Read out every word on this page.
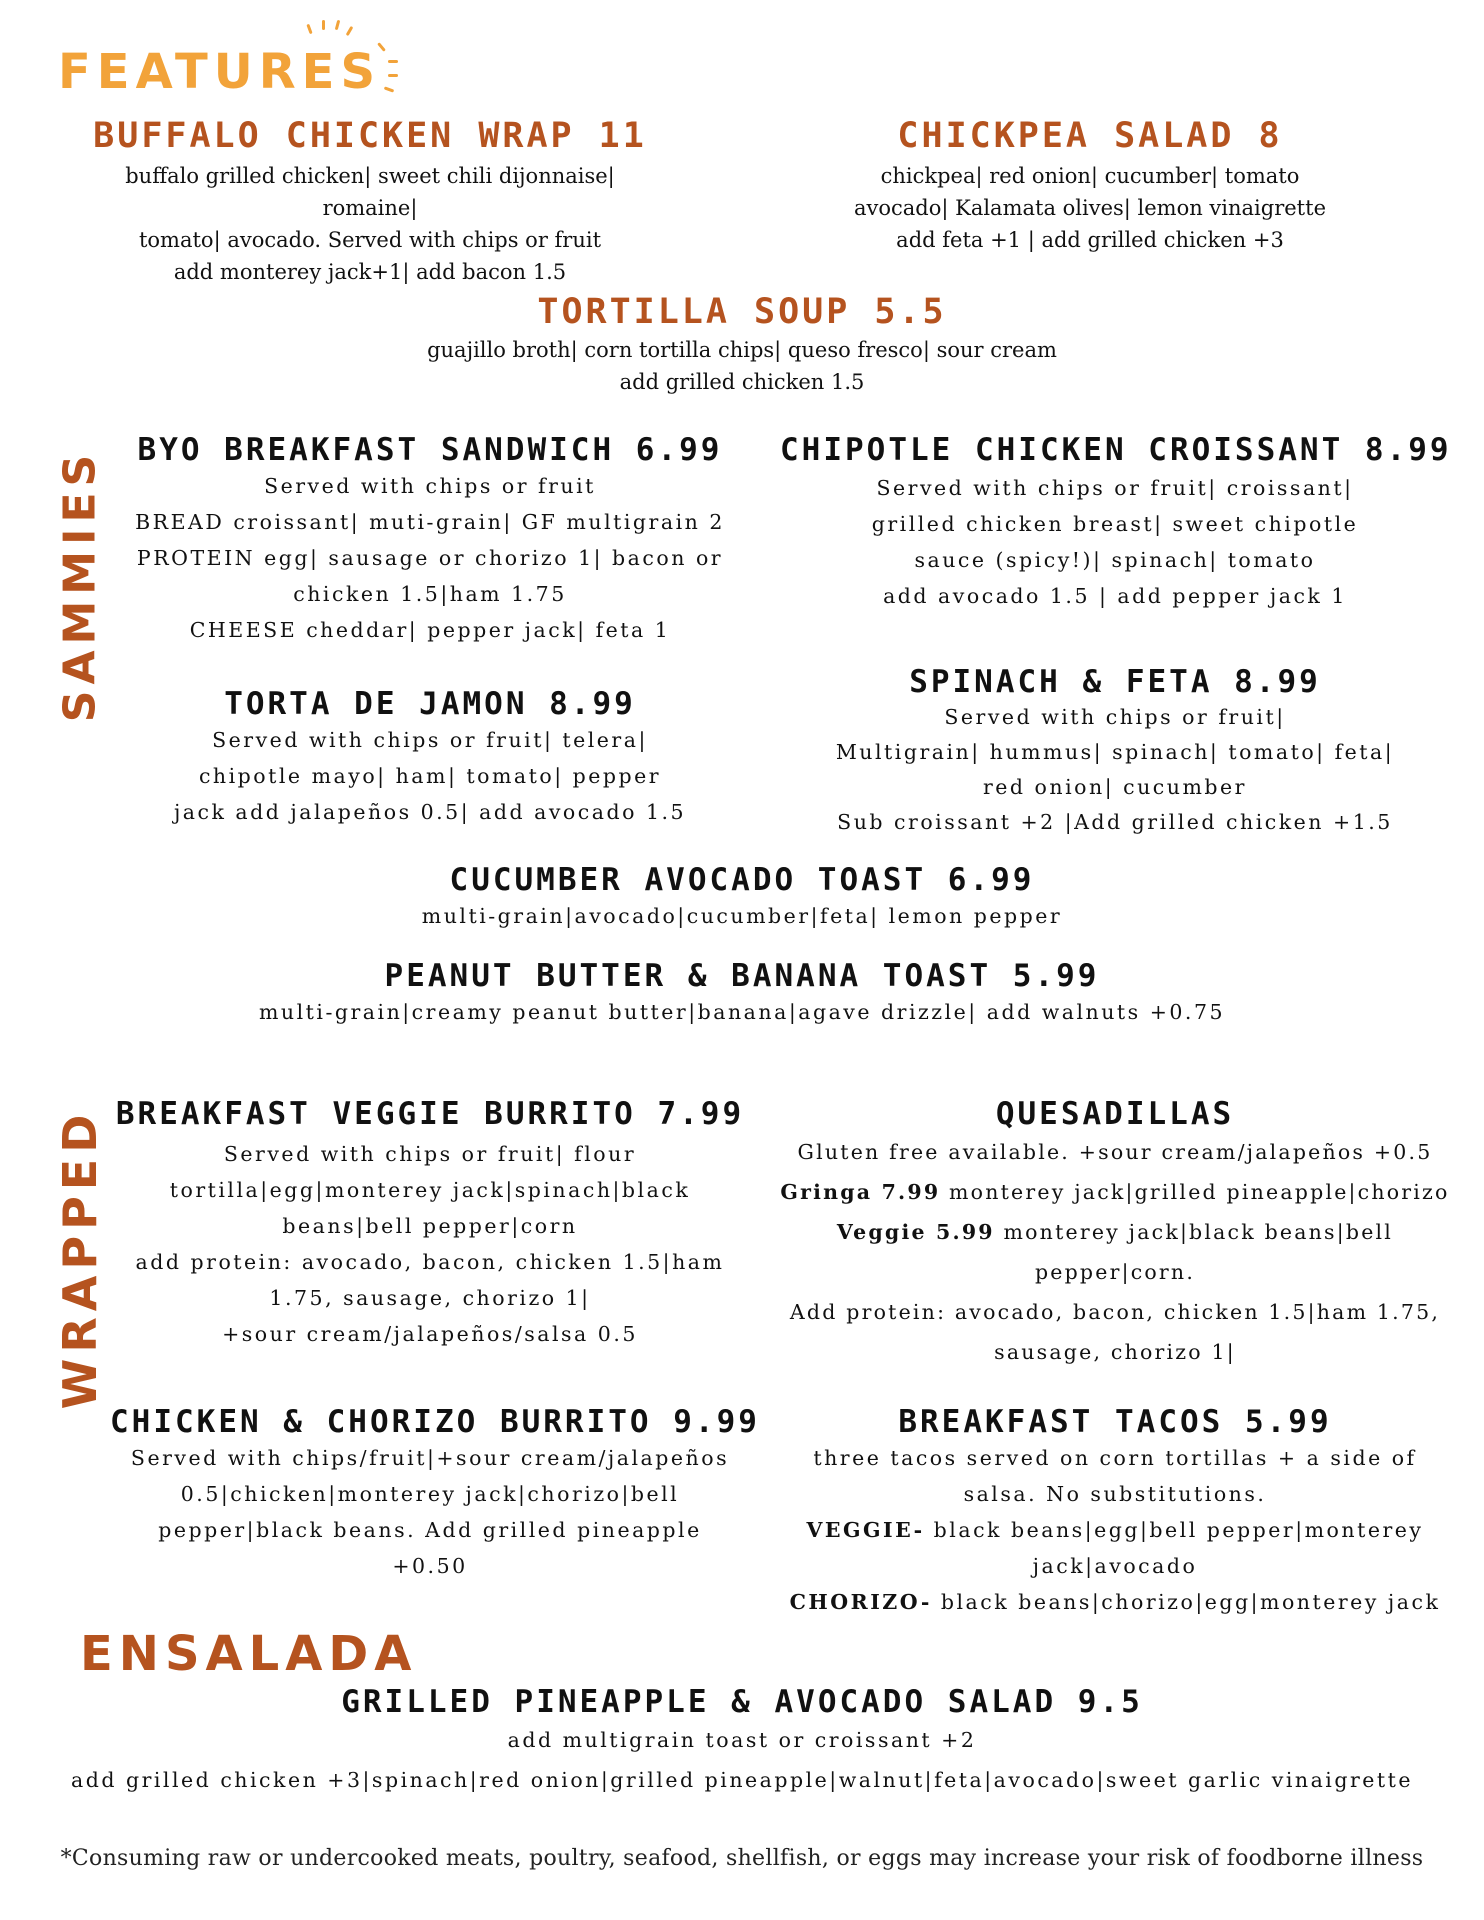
FEATURES
BUFFALO CHICKEN WRAP 11
buffalo grilled chicken| sweet chili dijonnaise| romaine|
tomato| avocado. Served with chips or fruit
add monterey jack+1| add bacon 1.5
CHICKPEA SALAD 8
chickpea| red onion| cucumber| tomato
avocado| Kalamata olives| lemon vinaigrette
add feta +1 | add grilled chicken +3
TORTILLA SOUP 5.5
guajillo broth| corn tortilla chips| queso fresco| sour cream
add grilled chicken 1.5
SAMMIES	BYO BREAKFAST SANDWICH 6.99
Served with chips or fruit
BREAD croissant| muti-grain| GF multigrain 2
PROTEIN egg| sausage or chorizo 1| bacon or
chicken 1.5|ham 1.75
CHEESE cheddar| pepper jack| feta 1
CHIPOTLE CHICKEN CROISSANT 8.99
Served with chips or fruit| croissant|
grilled chicken breast| sweet chipotle
sauce (spicy!)| spinach| tomato
add avocado 1.5 | add pepper jack 1
TORTA DE JAMON 8.99
Served with chips or fruit| telera|
chipotle mayo| ham| tomato| pepper
jack add jalapeños 0.5| add avocado 1.5
SPINACH & FETA 8.99
Served with chips or fruit|
Multigrain| hummus| spinach| tomato| feta|
red onion| cucumber
Sub croissant +2 |Add grilled chicken +1.5
CUCUMBER AVOCADO TOAST 6.99
multi-grain|avocado|cucumber|feta| lemon pepper
PEANUT BUTTER & BANANA TOAST 5.99
multi-grain|creamy peanut butter|banana|agave drizzle| add walnuts +0.75
WRAPPED BREAKFAST VEGGIE BURRITO 7.99
Served with chips or fruit| flour
tortilla|egg|monterey jack|spinach|black
beans|bell pepper|corn
add protein: avocado, bacon, chicken 1.5|ham
1.75, sausage, chorizo 1|
+sour cream/jalapeños/salsa 0.5
QUESADILLAS
Gluten free available. +sour cream/jalapeños +0.5
Gringa 7.99 monterey jack|grilled pineapple|chorizo
Veggie 5.99 monterey jack|black beans|bell
pepper|corn.
Add protein: avocado, bacon, chicken 1.5|ham 1.75,
sausage, chorizo 1|
CHICKEN & CHORIZO BURRITO 9.99
Served with chips/fruit|+sour cream/jalapeños
0.5|chicken|monterey jack|chorizo|bell
pepper|black beans. Add grilled pineapple
+0.50
BREAKFAST TACOS 5.99
three tacos served on corn tortillas + a side of
salsa. No substitutions.
VEGGIE- black beans|egg|bell pepper|monterey
jack|avocado
CHORIZO- black beans|chorizo|egg|monterey jack
ENSALADA
GRILLED PINEAPPLE & AVOCADO SALAD 9.5
add multigrain toast or croissant +2
add grilled chicken +3|spinach|red onion|grilled pineapple|walnut|feta|avocado|sweet garlic vinaigrette
*Consuming raw or undercooked meats, poultry, seafood, shellfish, or eggs may increase your risk of foodborne illness
